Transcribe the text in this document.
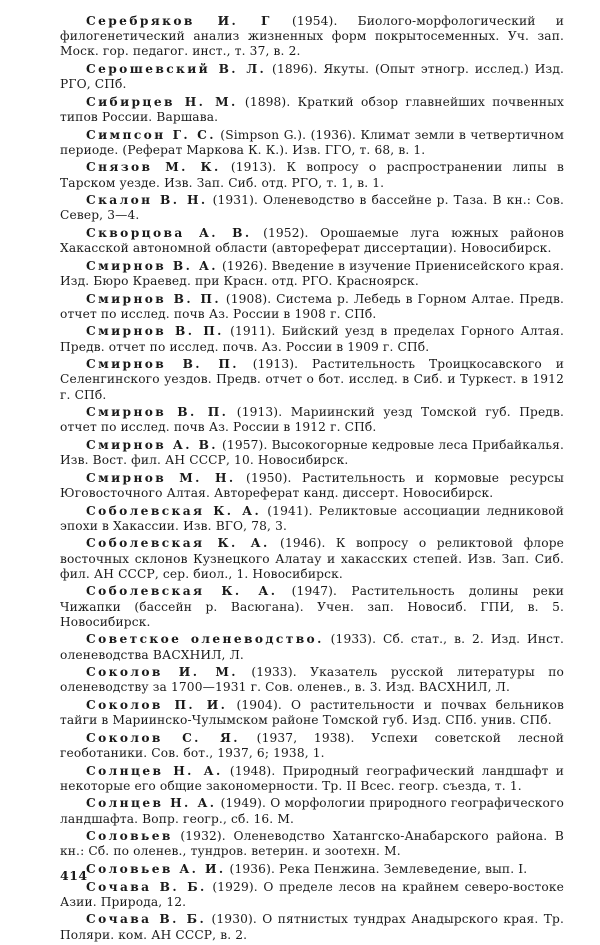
Серебряков И. Г (1954). Биолого-морфологический и филогенетический анализ жизненных форм покрытосеменных. Уч. зап. Моск. гор. педагог. инст., т. 37, в. 2.

Серошевский В. Л. (1896). Якуты. (Опыт этногр. исслед.) Изд. РГО, СПб.

Сибирцев Н. М. (1898). Краткий обзор главнейших почвенных типов России. Варшава.

Симпсон Г. С. (Simpson G.). (1936). Климат земли в четвертичном периоде. (Реферат Маркова К. К.). Изв. ГГО, т. 68, в. 1.

Снязов М. К. (1913). К вопросу о распространении липы в Тарском уезде. Изв. Зап. Сиб. отд. РГО, т. 1, в. 1.

Скалон В. Н. (1931). Оленеводство в бассейне р. Таза. В кн.: Сов. Север, 3—4.

Скворцова А. В. (1952). Орошаемые луга южных районов Хакасской автономной области (автореферат диссертации). Новосибирск.

Смирнов В. А. (1926). Введение в изучение Приенисейского края. Изд. Бюро Краевед. при Красн. отд. РГО. Красноярск.

Смирнов В. П. (1908). Система р. Лебедь в Горном Алтае. Предв. отчет по исслед. почв Аз. России в 1908 г. СПб.

Смирнов В. П. (1911). Бийский уезд в пределах Горного Алтая. Предв. отчет по исслед. почв. Аз. России в 1909 г. СПб.

Смирнов В. П. (1913). Растительность Троицкосавского и Селенгинского уездов. Предв. отчет о бот. исслед. в Сиб. и Туркест. в 1912 г. СПб.

Смирнов В. П. (1913). Мариинский уезд Томской губ. Предв. отчет по исслед. почв Аз. России в 1912 г. СПб.

Смирнов А. В. (1957). Высокогорные кедровые леса Прибайкалья. Изв. Вост. фил. АН СССР, 10. Новосибирск.

Смирнов М. Н. (1950). Растительность и кормовые ресурсы Юговосточного Алтая. Автореферат канд. диссерт. Новосибирск.

Соболевская К. А. (1941). Реликтовые ассоциации ледниковой эпохи в Хакассии. Изв. ВГО, 78, 3.

Соболевская К. А. (1946). К вопросу о реликтовой флоре восточных склонов Кузнецкого Алатау и хакасских степей. Изв. Зап. Сиб. фил. АН СССР, сер. биол., 1. Новосибирск.

Соболевская К. А. (1947). Растительность долины реки Чижапки (бассейн р. Васюгана). Учен. зап. Новосиб. ГПИ, в. 5. Новосибирск.

Советское оленеводство. (1933). Сб. стат., в. 2. Изд. Инст. оленеводства ВАСХНИЛ, Л.

Соколов И. М. (1933). Указатель русской литературы по оленеводству за 1700—1931 г. Сов. оленев., в. 3. Изд. ВАСХНИЛ, Л.

Соколов П. И. (1904). О растительности и почвах бельников тайги в Мариинско-Чулымском районе Томской губ. Изд. СПб. унив. СПб.

Соколов С. Я. (1937, 1938). Успехи советской лесной геоботаники. Сов. бот., 1937, 6; 1938, 1.

Солнцев Н. А. (1948). Природный географический ландшафт и некоторые его общие закономерности. Тр. II Всес. геогр. съезда, т. 1.

Солнцев Н. А. (1949). О морфологии природного географического ландшафта. Вопр. геогр., сб. 16. М.

Соловьев (1932). Оленеводство Хатангско-Анабарского района. В кн.: Сб. по оленев., тундров. ветерин. и зоотехн. М.

Соловьев А. И. (1936). Река Пенжина. Землеведение, вып. I.

Сочава В. Б. (1929). О пределе лесов на крайнем северо-востоке Азии. Природа, 12.

Сочава В. Б. (1930). О пятнистых тундрах Анадырского края. Тр. Поляри. ком. АН СССР, в. 2.

414
